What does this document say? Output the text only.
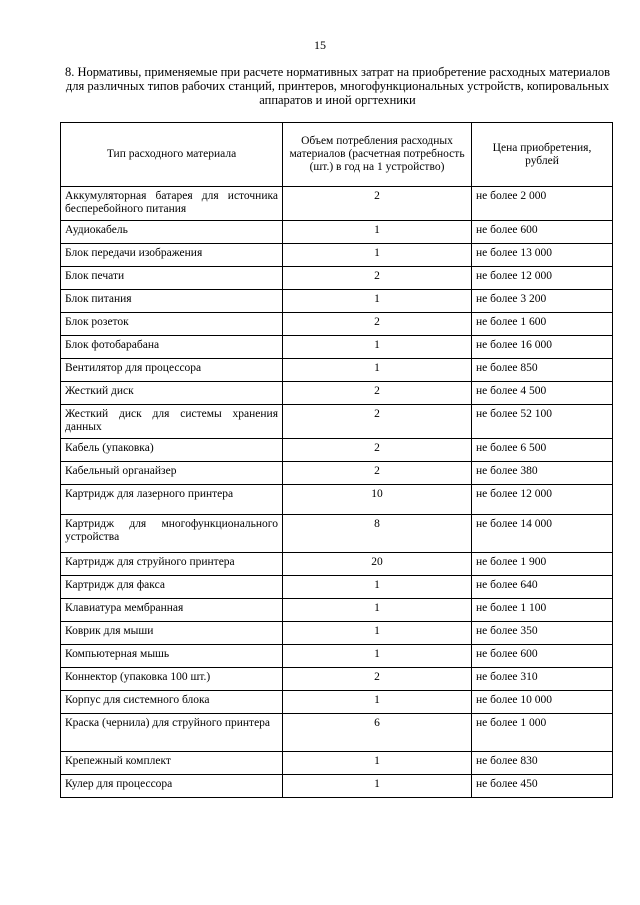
15
8. Нормативы, применяемые при расчете нормативных затрат на приобретение расходных материалов для различных типов рабочих станций, принтеров, многофункциональных устройств, копировальных аппаратов и иной оргтехники
Тип расходного материала	Объем потребления расходных материалов (расчетная потребность (шт.) в год на 1 устройство)	Цена приобретения, рублей
Аккумуляторная батарея для источника бесперебойного питания	2	не более 2 000
Аудиокабель	1	не более 600
Блок передачи изображения	1	не более 13 000
Блок печати	2	не более 12 000
Блок питания	1	не более 3 200
Блок розеток	2	не более 1 600
Блок фотобарабана	1	не более 16 000
Вентилятор для процессора	1	не более 850
Жесткий диск	2	не более 4 500
Жесткий диск для системы хранения данных	2	не более 52 100
Кабель (упаковка)	2	не более 6 500
Кабельный органайзер	2	не более 380
Картридж для лазерного принтера	10	не более 12 000
Картридж для многофункционального устройства	8	не более 14 000
Картридж для струйного принтера	20	не более 1 900
Картридж для факса	1	не более 640
Клавиатура мембранная	1	не более 1 100
Коврик для мыши	1	не более 350
Компьютерная мышь	1	не более 600
Коннектор (упаковка 100 шт.)	2	не более 310
Корпус для системного блока	1	не более 10 000
Краска (чернила) для струйного принтера	6	не более 1 000
Крепежный комплект	1	не более 830
Кулер для процессора	1	не более 450
